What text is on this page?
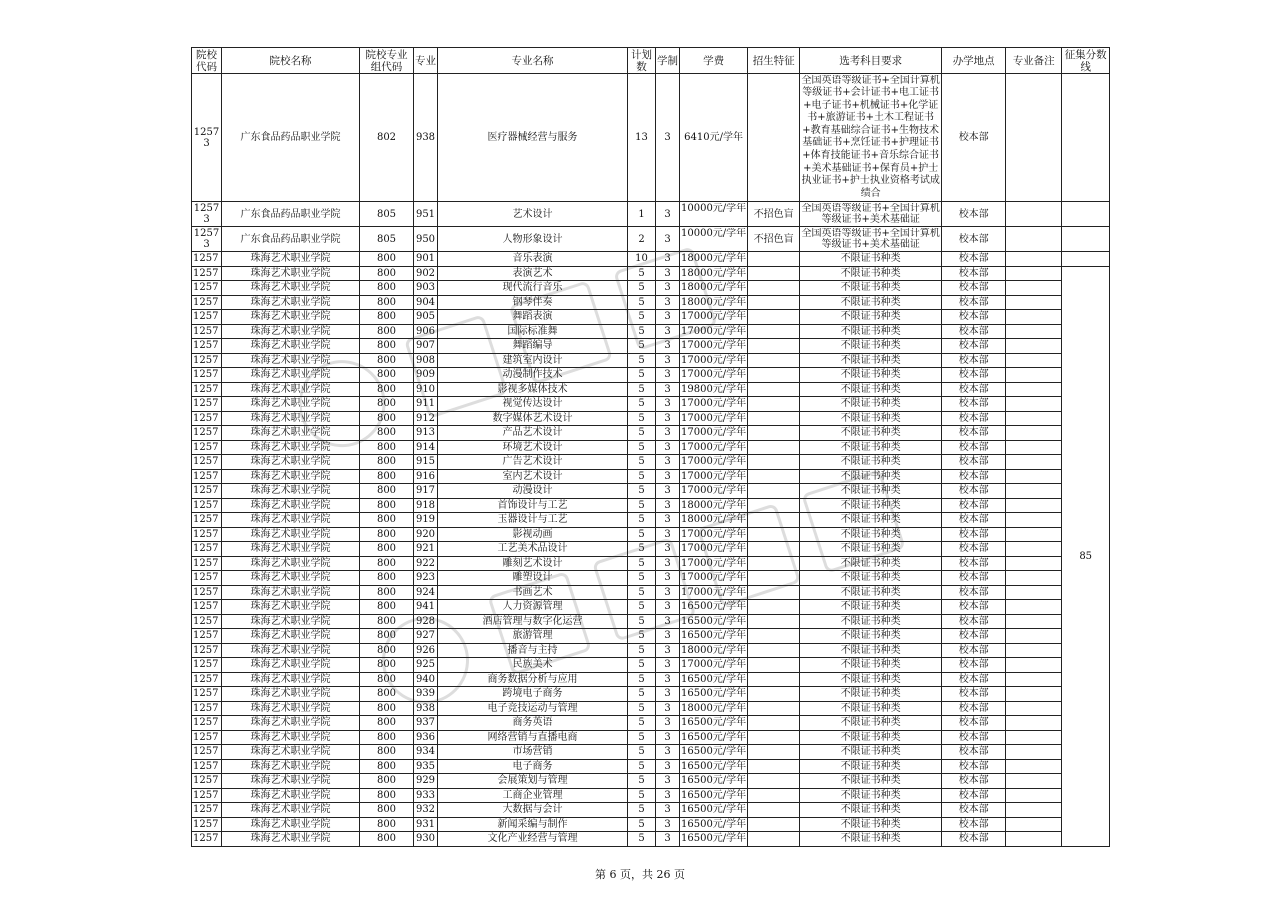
院校代码	院校名称	院校专业组代码	专业	专业名称	计划数	学制	学费	招生特征	选考科目要求	办学地点	专业备注	征集分数线
12573	广东食品药品职业学院	802	938	医疗器械经营与服务	13	3	6410元/学年		全国英语等级证书+全国计算机等级证书+会计证书+电工证书+电子证书+机械证书+化学证书+旅游证书+土木工程证书+教育基础综合证书+生物技术基础证书+烹饪证书+护理证书+体育技能证书+音乐综合证书+美术基础证书+保育员+护士执业证书+护士执业资格考试成绩合	校本部		
12573	广东食品药品职业学院	805	951	艺术设计	1	3	10000元/学年	不招色盲	全国英语等级证书+全国计算机等级证书+美术基础证	校本部		
12573	广东食品药品职业学院	805	950	人物形象设计	2	3	10000元/学年	不招色盲	全国英语等级证书+全国计算机等级证书+美术基础证	校本部		
1257	珠海艺术职业学院	800	901	音乐表演	10	3	18000元/学年		不限证书种类	校本部		
1257	珠海艺术职业学院	800	902	表演艺术	5	3	18000元/学年		不限证书种类	校本部		85
1257	珠海艺术职业学院	800	903	现代流行音乐	5	3	18000元/学年		不限证书种类	校本部		
1257	珠海艺术职业学院	800	904	钢琴伴奏	5	3	18000元/学年		不限证书种类	校本部		
1257	珠海艺术职业学院	800	905	舞蹈表演	5	3	17000元/学年		不限证书种类	校本部		
1257	珠海艺术职业学院	800	906	国际标准舞	5	3	17000元/学年		不限证书种类	校本部		
1257	珠海艺术职业学院	800	907	舞蹈编导	5	3	17000元/学年		不限证书种类	校本部		
1257	珠海艺术职业学院	800	908	建筑室内设计	5	3	17000元/学年		不限证书种类	校本部		
1257	珠海艺术职业学院	800	909	动漫制作技术	5	3	17000元/学年		不限证书种类	校本部		
1257	珠海艺术职业学院	800	910	影视多媒体技术	5	3	19800元/学年		不限证书种类	校本部		
1257	珠海艺术职业学院	800	911	视觉传达设计	5	3	17000元/学年		不限证书种类	校本部		
1257	珠海艺术职业学院	800	912	数字媒体艺术设计	5	3	17000元/学年		不限证书种类	校本部		
1257	珠海艺术职业学院	800	913	产品艺术设计	5	3	17000元/学年		不限证书种类	校本部		
1257	珠海艺术职业学院	800	914	环境艺术设计	5	3	17000元/学年		不限证书种类	校本部		
1257	珠海艺术职业学院	800	915	广告艺术设计	5	3	17000元/学年		不限证书种类	校本部		
1257	珠海艺术职业学院	800	916	室内艺术设计	5	3	17000元/学年		不限证书种类	校本部		
1257	珠海艺术职业学院	800	917	动漫设计	5	3	17000元/学年		不限证书种类	校本部		
1257	珠海艺术职业学院	800	918	首饰设计与工艺	5	3	18000元/学年		不限证书种类	校本部		
1257	珠海艺术职业学院	800	919	玉器设计与工艺	5	3	18000元/学年		不限证书种类	校本部		
1257	珠海艺术职业学院	800	920	影视动画	5	3	17000元/学年		不限证书种类	校本部		
1257	珠海艺术职业学院	800	921	工艺美术品设计	5	3	17000元/学年		不限证书种类	校本部		
1257	珠海艺术职业学院	800	922	雕刻艺术设计	5	3	17000元/学年		不限证书种类	校本部		
1257	珠海艺术职业学院	800	923	雕塑设计	5	3	17000元/学年		不限证书种类	校本部		
1257	珠海艺术职业学院	800	924	书画艺术	5	3	17000元/学年		不限证书种类	校本部		
1257	珠海艺术职业学院	800	941	人力资源管理	5	3	16500元/学年		不限证书种类	校本部		
1257	珠海艺术职业学院	800	928	酒店管理与数字化运营	5	3	16500元/学年		不限证书种类	校本部		
1257	珠海艺术职业学院	800	927	旅游管理	5	3	16500元/学年		不限证书种类	校本部		
1257	珠海艺术职业学院	800	926	播音与主持	5	3	18000元/学年		不限证书种类	校本部		
1257	珠海艺术职业学院	800	925	民族美术	5	3	17000元/学年		不限证书种类	校本部		
1257	珠海艺术职业学院	800	940	商务数据分析与应用	5	3	16500元/学年		不限证书种类	校本部		
1257	珠海艺术职业学院	800	939	跨境电子商务	5	3	16500元/学年		不限证书种类	校本部		
1257	珠海艺术职业学院	800	938	电子竞技运动与管理	5	3	18000元/学年		不限证书种类	校本部		
1257	珠海艺术职业学院	800	937	商务英语	5	3	16500元/学年		不限证书种类	校本部		
1257	珠海艺术职业学院	800	936	网络营销与直播电商	5	3	16500元/学年		不限证书种类	校本部		
1257	珠海艺术职业学院	800	934	市场营销	5	3	16500元/学年		不限证书种类	校本部		
1257	珠海艺术职业学院	800	935	电子商务	5	3	16500元/学年		不限证书种类	校本部		
1257	珠海艺术职业学院	800	929	会展策划与管理	5	3	16500元/学年		不限证书种类	校本部		
1257	珠海艺术职业学院	800	933	工商企业管理	5	3	16500元/学年		不限证书种类	校本部		
1257	珠海艺术职业学院	800	932	大数据与会计	5	3	16500元/学年		不限证书种类	校本部		
1257	珠海艺术职业学院	800	931	新闻采编与制作	5	3	16500元/学年		不限证书种类	校本部		
1257	珠海艺术职业学院	800	930	文化产业经营与管理	5	3	16500元/学年		不限证书种类	校本部		
第 6 页，共 26 页
